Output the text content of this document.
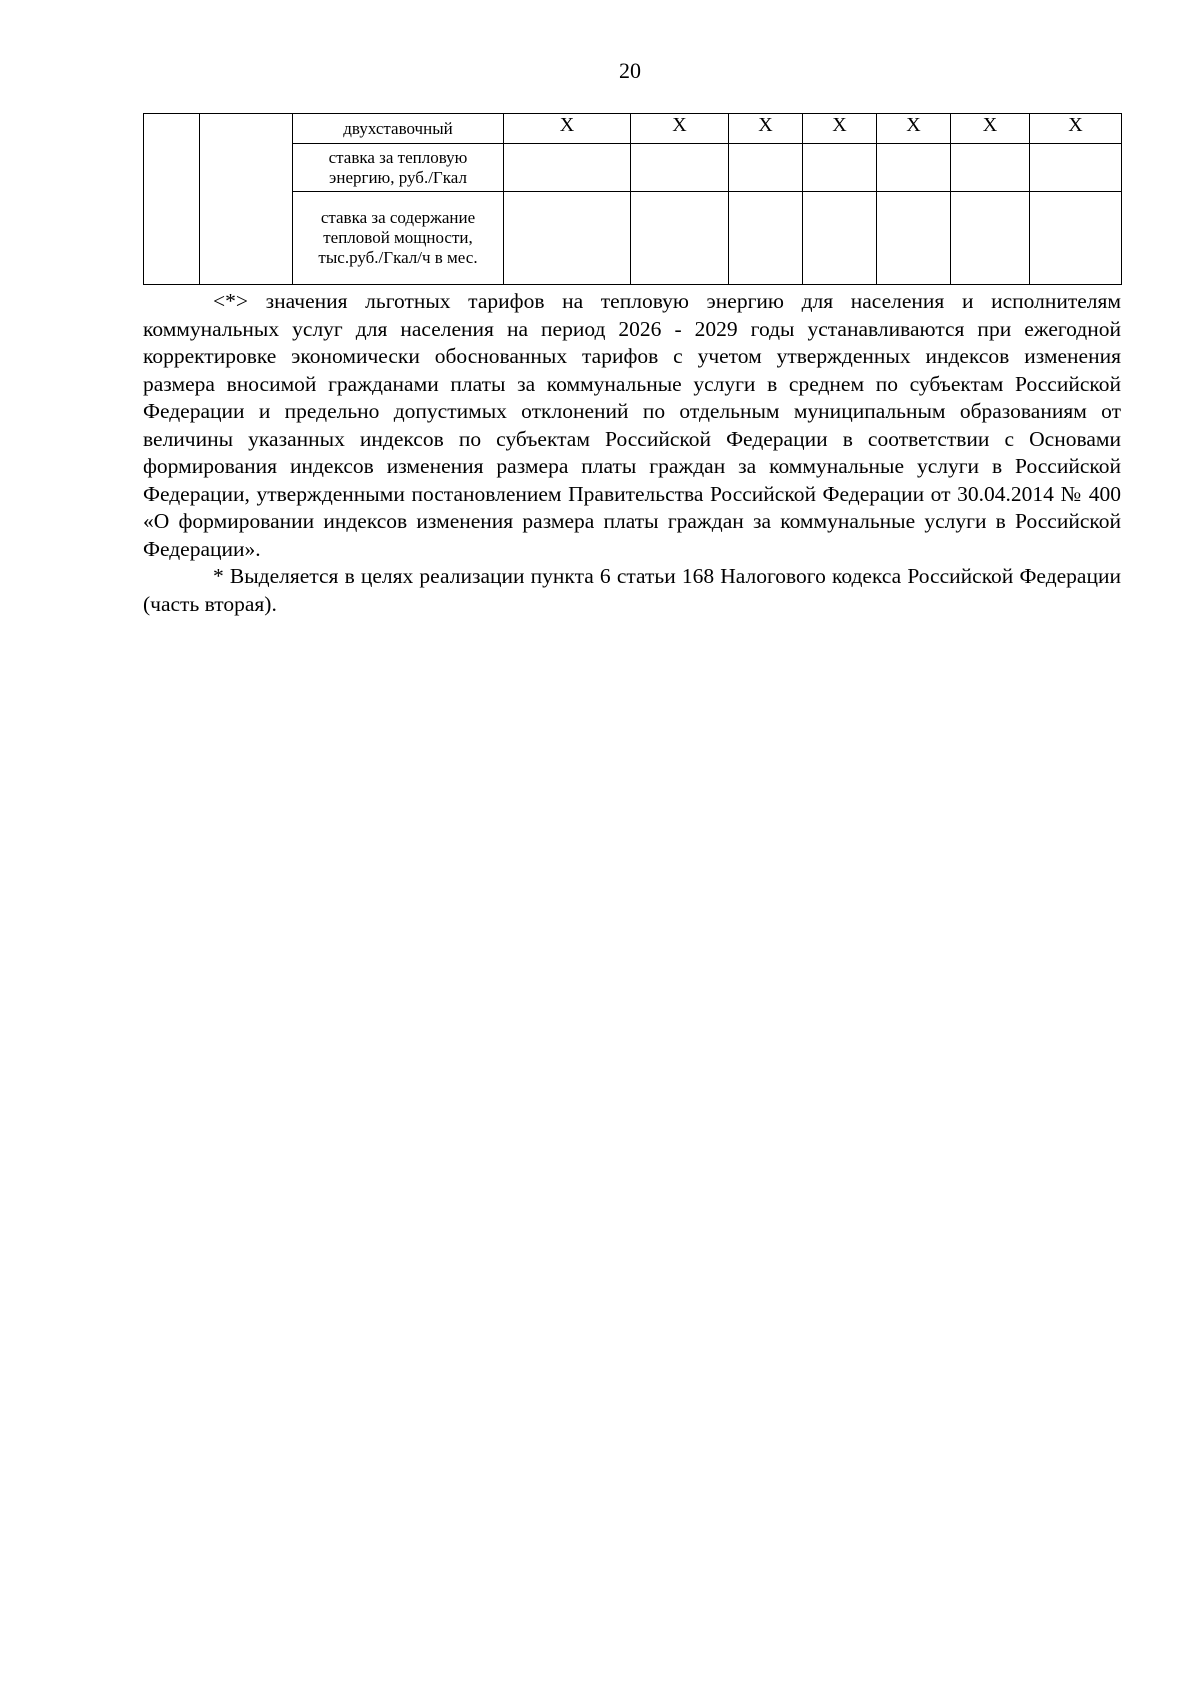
20
		двухставочный	Х	Х	Х	Х	Х	Х	Х
		ставка за тепловую энергию, руб./Гкал							
		ставка за содержание тепловой мощности, тыс.руб./Гкал/ч в мес.							

<*> значения льготных тарифов на тепловую энергию для населения и исполнителям коммунальных услуг для населения на период 2026 - 2029 годы устанавливаются при ежегодной корректировке экономически обоснованных тарифов с учетом утвержденных индексов изменения размера вносимой гражданами платы за коммунальные услуги в среднем по субъектам Российской Федерации и предельно допустимых отклонений по отдельным муниципальным образованиям от величины указанных индексов по субъектам Российской Федерации в соответствии с Основами формирования индексов изменения размера платы граждан за коммунальные услуги в Российской Федерации, утвержденными постановлением Правительства Российской Федерации от 30.04.2014 № 400 «О формировании индексов изменения размера платы граждан за коммунальные услуги в Российской Федерации».

* Выделяется в целях реализации пункта 6 статьи 168 Налогового кодекса Российской Федерации (часть вторая).
